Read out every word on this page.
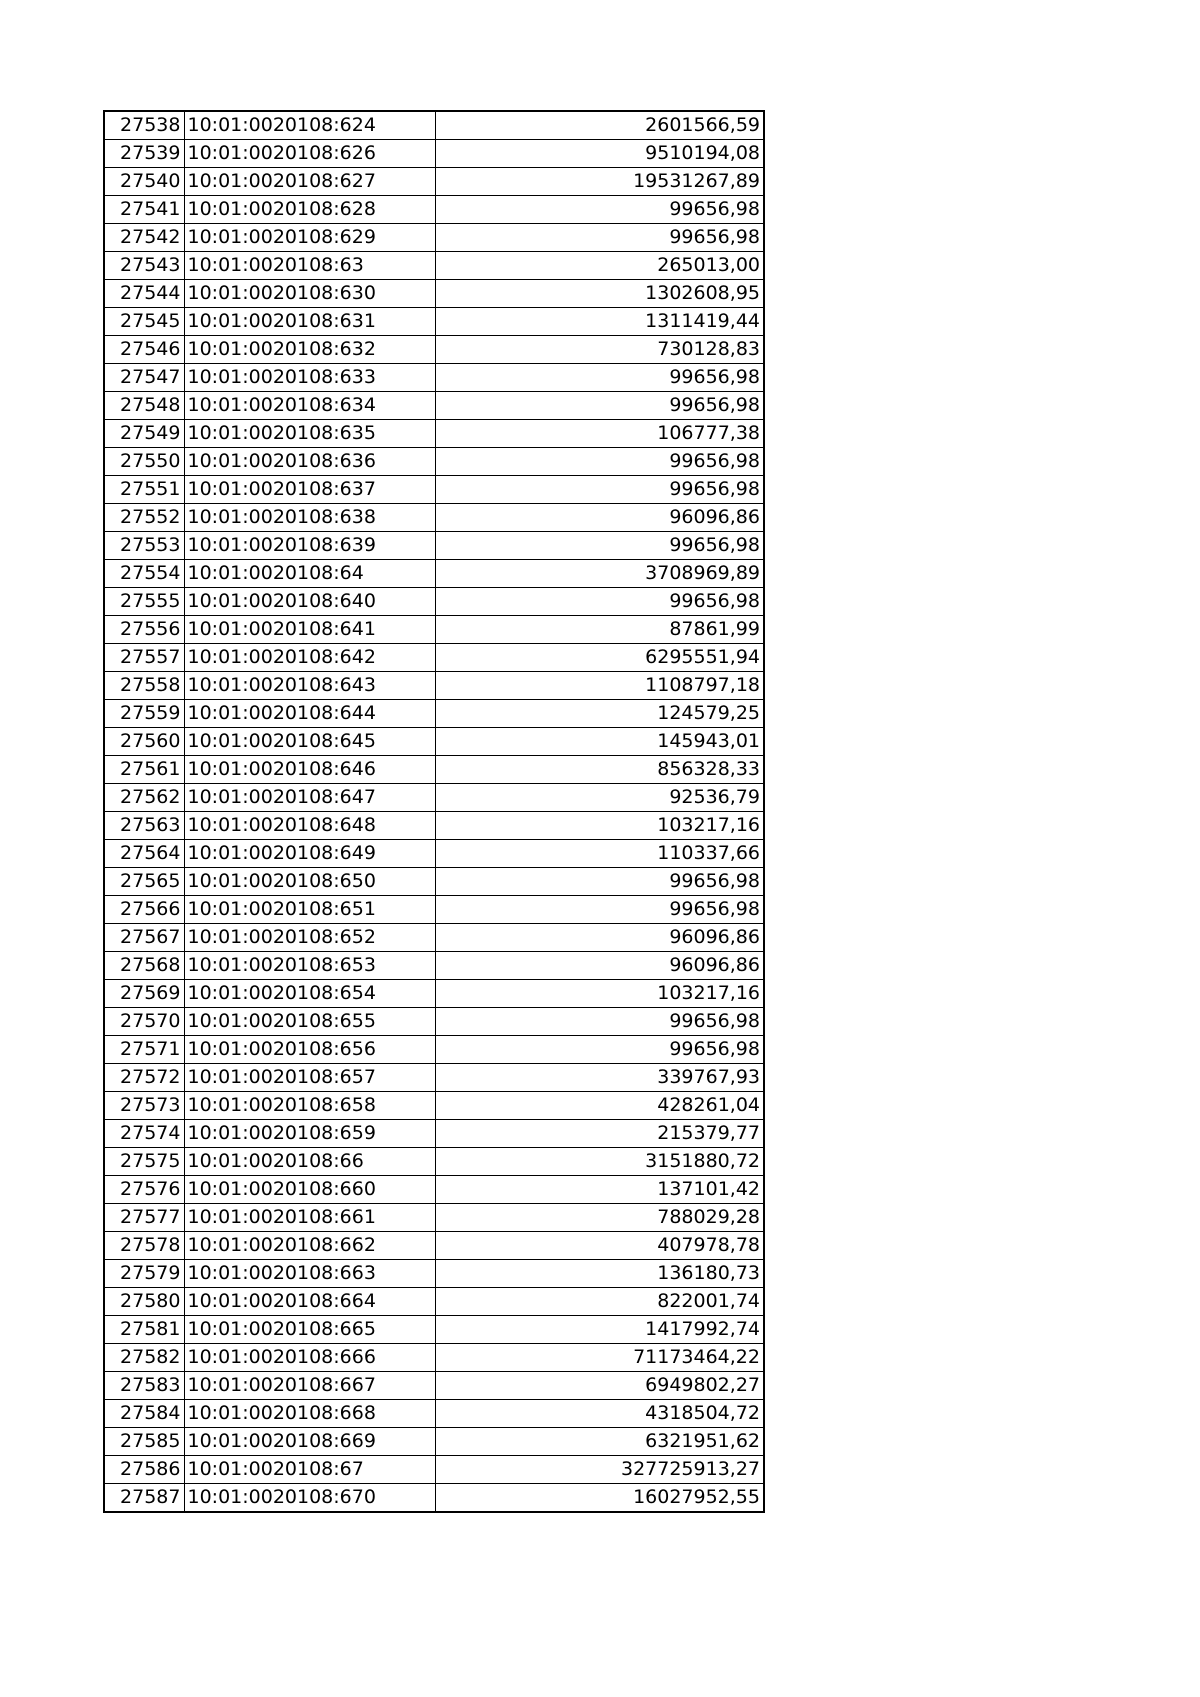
27538	10:01:0020108:624	2601566,59
27539	10:01:0020108:626	9510194,08
27540	10:01:0020108:627	19531267,89
27541	10:01:0020108:628	99656,98
27542	10:01:0020108:629	99656,98
27543	10:01:0020108:63	265013,00
27544	10:01:0020108:630	1302608,95
27545	10:01:0020108:631	1311419,44
27546	10:01:0020108:632	730128,83
27547	10:01:0020108:633	99656,98
27548	10:01:0020108:634	99656,98
27549	10:01:0020108:635	106777,38
27550	10:01:0020108:636	99656,98
27551	10:01:0020108:637	99656,98
27552	10:01:0020108:638	96096,86
27553	10:01:0020108:639	99656,98
27554	10:01:0020108:64	3708969,89
27555	10:01:0020108:640	99656,98
27556	10:01:0020108:641	87861,99
27557	10:01:0020108:642	6295551,94
27558	10:01:0020108:643	1108797,18
27559	10:01:0020108:644	124579,25
27560	10:01:0020108:645	145943,01
27561	10:01:0020108:646	856328,33
27562	10:01:0020108:647	92536,79
27563	10:01:0020108:648	103217,16
27564	10:01:0020108:649	110337,66
27565	10:01:0020108:650	99656,98
27566	10:01:0020108:651	99656,98
27567	10:01:0020108:652	96096,86
27568	10:01:0020108:653	96096,86
27569	10:01:0020108:654	103217,16
27570	10:01:0020108:655	99656,98
27571	10:01:0020108:656	99656,98
27572	10:01:0020108:657	339767,93
27573	10:01:0020108:658	428261,04
27574	10:01:0020108:659	215379,77
27575	10:01:0020108:66	3151880,72
27576	10:01:0020108:660	137101,42
27577	10:01:0020108:661	788029,28
27578	10:01:0020108:662	407978,78
27579	10:01:0020108:663	136180,73
27580	10:01:0020108:664	822001,74
27581	10:01:0020108:665	1417992,74
27582	10:01:0020108:666	71173464,22
27583	10:01:0020108:667	6949802,27
27584	10:01:0020108:668	4318504,72
27585	10:01:0020108:669	6321951,62
27586	10:01:0020108:67	327725913,27
27587	10:01:0020108:670	16027952,55
